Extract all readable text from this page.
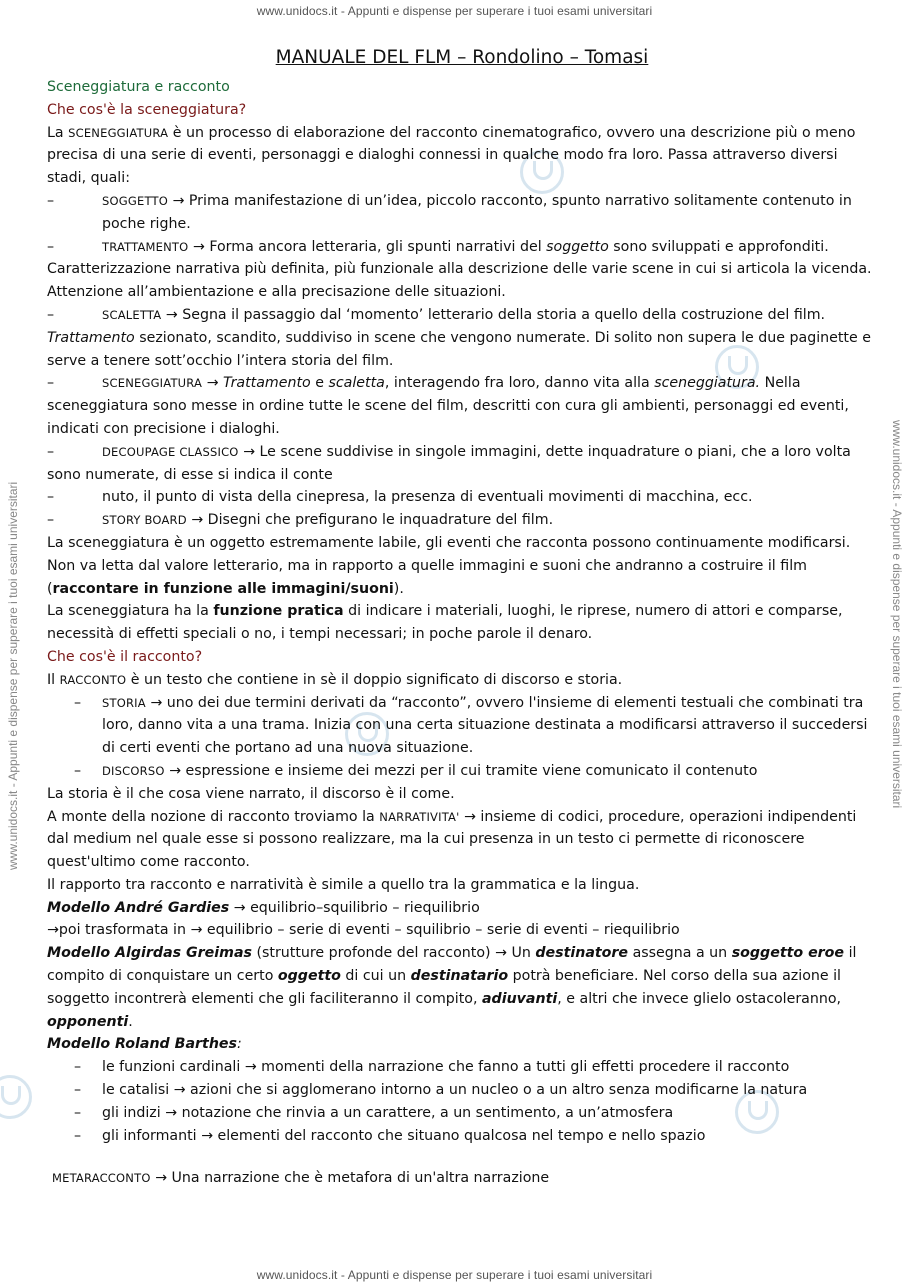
www.unidocs.it - Appunti e dispense per superare i tuoi esami universitari
www.unidocs.it - Appunti e dispense per superare i tuoi esami universitari
www.unidocs.it - Appunti e dispense per superare i tuoi esami universitari	www.unidocs.it - Appunti e dispense per superare i tuoi esami universitari
MANUALE DEL FLM – Rondolino – Tomasi

Sceneggiatura e racconto

Che cos'è la sceneggiatura?

La SCENEGGIATURA è un processo di elaborazione del racconto cinematografico, ovvero una descrizione più o meno precisa di una serie di eventi, personaggi e dialoghi connessi in qualche modo fra loro. Passa attraverso diversi stadi, quali:

–	SOGGETTO → Prima manifestazione di un’idea, piccolo racconto, spunto narrativo solitamente contenuto in poche righe.
–	TRATTAMENTO → Forma ancora letteraria, gli spunti narrativi del soggetto sono sviluppati e approfonditi. Caratterizzazione narrativa più definita, più funzionale alla descrizione delle varie scene in cui si articola la vicenda. Attenzione all’ambientazione e alla precisazione delle situazioni.
–	SCALETTA → Segna il passaggio dal ‘momento’ letterario della storia a quello della costruzione del film. Trattamento sezionato, scandito, suddiviso in scene che vengono numerate. Di solito non supera le due paginette e serve a tenere sott’occhio l’intera storia del film.
–	SCENEGGIATURA → Trattamento e scaletta, interagendo fra loro, danno vita alla sceneggiatura. Nella sceneggiatura sono messe in ordine tutte le scene del film, descritti con cura gli ambienti, personaggi ed eventi, indicati con precisione i dialoghi.
–	DECOUPAGE CLASSICO → Le scene suddivise in singole immagini, dette inquadrature o piani, che a loro volta sono numerate, di esse si indica il conte
–	nuto, il punto di vista della cinepresa, la presenza di eventuali movimenti di macchina, ecc.
–	STORY BOARD → Disegni che prefigurano le inquadrature del film.

La sceneggiatura è un oggetto estremamente labile, gli eventi che racconta possono continuamente modificarsi. Non va letta dal valore letterario, ma in rapporto a quelle immagini e suoni che andranno a costruire il film (raccontare in funzione alle immagini/suoni).

La sceneggiatura ha la funzione pratica di indicare i materiali, luoghi, le riprese, numero di attori e comparse, necessità di effetti speciali o no, i tempi necessari; in poche parole il denaro.

Che cos'è il racconto?

Il RACCONTO è un testo che contiene in sè il doppio significato di discorso e storia.

–	STORIA → uno dei due termini derivati da “racconto”, ovvero l'insieme di elementi testuali che combinati tra loro, danno vita a una trama. Inizia con una certa situazione destinata a modificarsi attraverso il succedersi di certi eventi che portano ad una nuova situazione.
–	DISCORSO → espressione e insieme dei mezzi per il cui tramite viene comunicato il contenuto

La storia è il che cosa viene narrato, il discorso è il come.

A monte della nozione di racconto troviamo la NARRATIVITA' → insieme di codici, procedure, operazioni indipendenti dal medium nel quale esse si possono realizzare, ma la cui presenza in un testo ci permette di riconoscere quest'ultimo come racconto.

Il rapporto tra racconto e narratività è simile a quello tra la grammatica e la lingua.

Modello André Gardies → equilibrio–squilibrio – riequilibrio

→poi trasformata in → equilibrio – serie di eventi – squilibrio – serie di eventi – riequilibrio

Modello Algirdas Greimas (strutture profonde del racconto) → Un destinatore assegna a un soggetto eroe il compito di conquistare un certo oggetto di cui un destinatario potrà beneficiare. Nel corso della sua azione il soggetto incontrerà elementi che gli faciliteranno il compito, adiuvanti, e altri che invece glielo ostacoleranno, opponenti.

Modello Roland Barthes:

–	le funzioni cardinali → momenti della narrazione che fanno a tutti gli effetti procedere il racconto
–	le catalisi → azioni che si agglomerano intorno a un nucleo o a un altro senza modificarne la natura
–	gli indizi → notazione che rinvia a un carattere, a un sentimento, a un’atmosfera
–	gli informanti → elementi del racconto che situano qualcosa nel tempo e nello spazio

METARACCONTO → Una narrazione che è metafora di un'altra narrazione
